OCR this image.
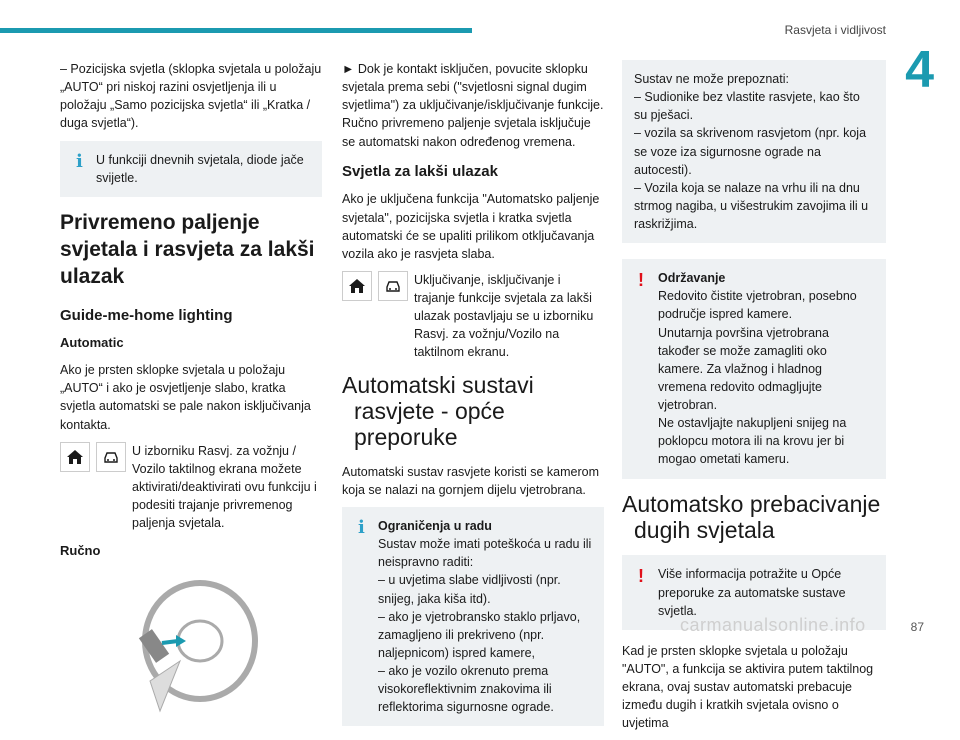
Rasvjeta i vidljivost
4

– Pozicijska svjetla (sklopka svjetala u položaju „AUTO“ pri niskoj razini osvjetljenja ili u položaju „Samo pozicijska svjetla“ ili „Kratka / duga svjetla“).

i	U funkciji dnevnih svjetala, diode jače svijetle.
Privremeno paljenje svjetala i rasvjeta za lakši ulazak
Guide-me-home lighting
Automatic

Ako je prsten sklopke svjetala u položaju „AUTO“ i ako je osvjetljenje slabo, kratka svjetla automatski se pale nakon isključivanja kontakta.

U izborniku Rasvj. za vožnju / Vozilo taktilnog ekrana možete aktivirati/deaktivirati ovu funkciju i podesiti trajanje privremenog paljenja svjetala.
Ručno

► Dok je kontakt isključen, povucite sklopku svjetala prema sebi ("svjetlosni signal dugim svjetlima") za uključivanje/isključivanje funkcije. Ručno privremeno paljenje svjetala isključuje se automatski nakon određenog vremena.

Svjetla za lakši ulazak

Ako je uključena funkcija "Automatsko paljenje svjetala", pozicijska svjetla i kratka svjetla automatski će se upaliti prilikom otključavanja vozila ako je rasvjeta slaba.

Uključivanje, isključivanje i trajanje funkcije svjetala za lakši ulazak postavljaju se u izborniku Rasvj. za vožnju/Vozilo na taktilnom ekranu.
Automatski sustavi
rasvjete - opće preporuke

Automatski sustav rasvjete koristi se kamerom koja se nalazi na gornjem dijelu vjetrobrana.

i Ograničenja u radu
Sustav može imati poteškoća u radu ili neispravno raditi:
– u uvjetima slabe vidljivosti (npr. snijeg, jaka kiša itd).
– ako je vjetrobransko staklo prljavo, zamagljeno ili prekriveno (npr. naljepnicom) ispred kamere,
– ako je vozilo okrenuto prema visokoreflektivnim znakovima ili reflektorima sigurnosne ograde.
Sustav ne može prepoznati:
– Sudionike bez vlastite rasvjete, kao što su pješaci.
– vozila sa skrivenom rasvjetom (npr. koja se voze iza sigurnosne ograde na autocesti).
– Vozila koja se nalaze na vrhu ili na dnu strmog nagiba, u višestrukim zavojima ili u raskrižjima.
! Održavanje
Redovito čistite vjetrobran, posebno područje ispred kamere.
Unutarnja površina vjetrobrana također se može zamagliti oko kamere. Za vlažnog i hladnog vremena redovito odmagljujte vjetrobran.
Ne ostavljajte nakupljeni snijeg na poklopcu motora ili na krovu jer bi mogao ometati kameru.
Automatsko prebacivanje
dugih svjetala
!	Više informacija potražite u Opće preporuke za automatske sustave svjetla.

Kad je prsten sklopke svjetala u položaju "AUTO", a funkcija se aktivira putem taktilnog ekrana, ovaj sustav automatski prebacuje između dugih i kratkih svjetala ovisno o uvjetima

carmanualsonline.info	87
